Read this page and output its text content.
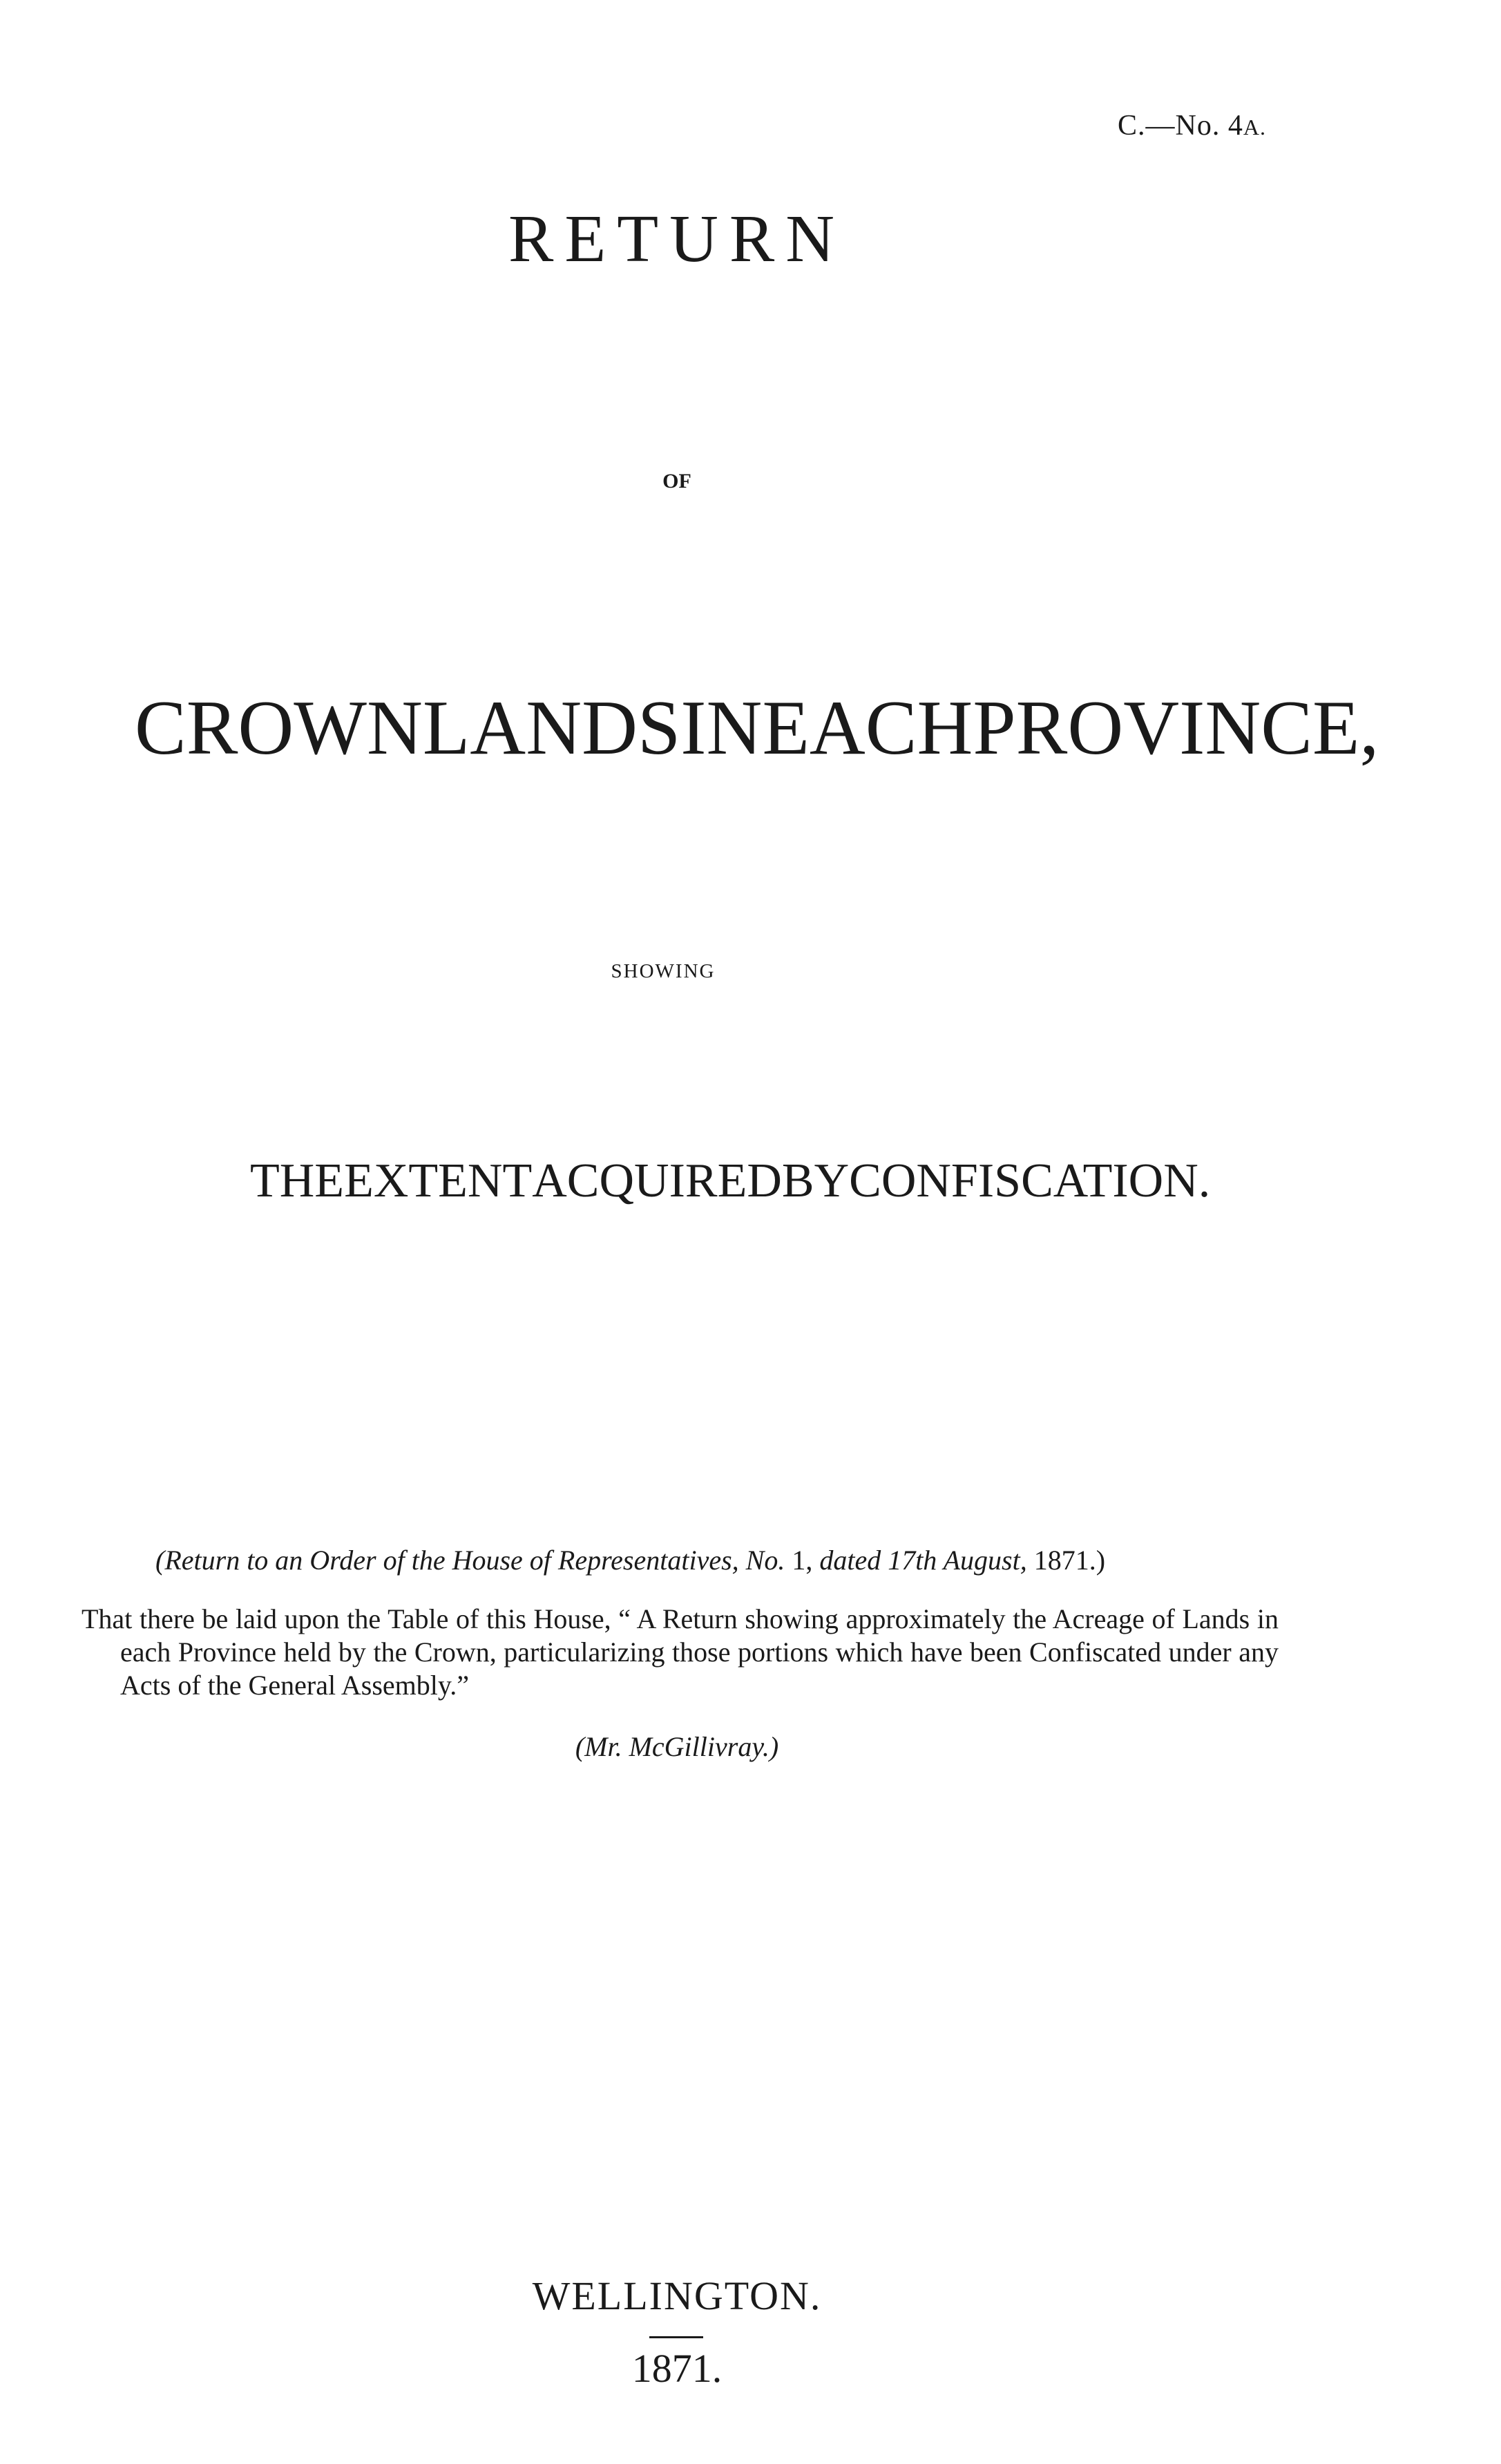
C.—No. 4A.
RETURN
OF
CROWN LANDS IN EACH PROVINCE,
SHOWING
THE EXTENT ACQUIRED BY CONFISCATION.
(Return to an Order of the House of Representatives, No. 1, dated 17th August, 1871.)

That there be laid upon the Table of this House, “ A Return showing approximately the Acreage of Lands in each Province held by the Crown, particularizing those portions which have been Confiscated under any Acts of the General Assembly.”

(Mr. McGillivray.)
WELLINGTON.
1871.
